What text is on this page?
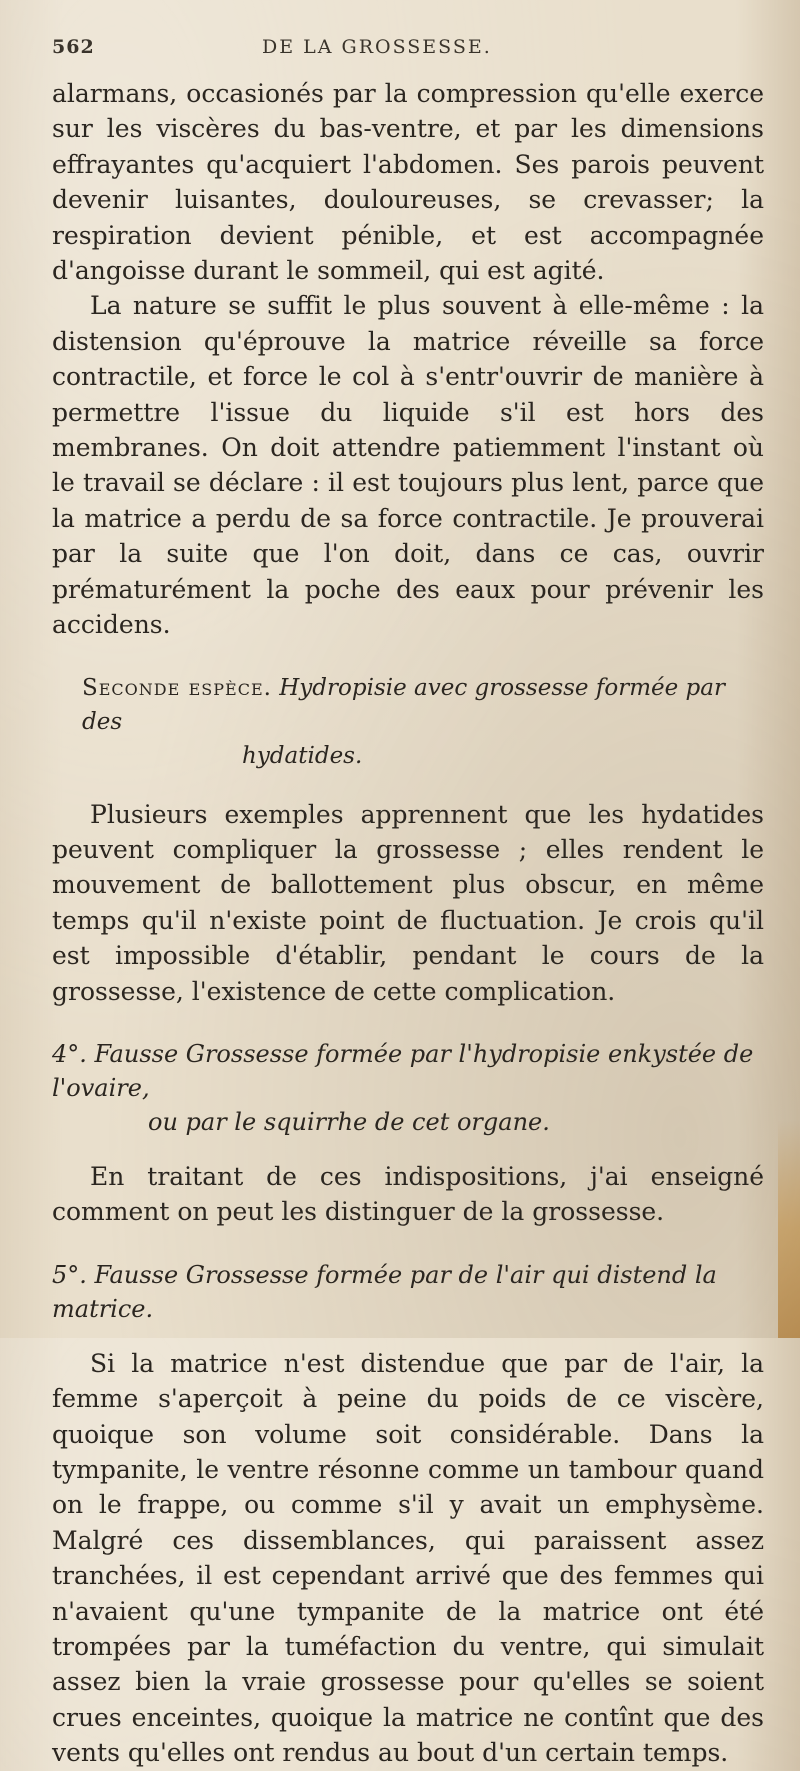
562	DE LA GROSSESSE.

alarmans, occasionés par la compression qu'elle exerce sur les viscères du bas-ventre, et par les dimensions effrayantes qu'acquiert l'abdomen. Ses parois peuvent devenir luisantes, douloureuses, se crevasser; la respiration devient pénible, et est accompagnée d'angoisse durant le sommeil, qui est agité.

La nature se suffit le plus souvent à elle-même : la distension qu'éprouve la matrice réveille sa force contractile, et force le col à s'entr'ouvrir de manière à permettre l'issue du liquide s'il est hors des membranes. On doit attendre patiemment l'instant où le travail se déclare : il est toujours plus lent, parce que la matrice a perdu de sa force contractile. Je prouverai par la suite que l'on doit, dans ce cas, ouvrir prématurément la poche des eaux pour prévenir les accidens.

Seconde espèce. Hydropisie avec grossesse formée par des
hydatides.

Plusieurs exemples apprennent que les hydatides peuvent compliquer la grossesse ; elles rendent le mouvement de ballottement plus obscur, en même temps qu'il n'existe point de fluctuation. Je crois qu'il est impossible d'établir, pendant le cours de la grossesse, l'existence de cette complication.

4°. Fausse Grossesse formée par l'hydropisie enkystée de l'ovaire,
ou par le squirrhe de cet organe.

En traitant de ces indispositions, j'ai enseigné comment on peut les distinguer de la grossesse.

5°. Fausse Grossesse formée par de l'air qui distend la matrice.

Si la matrice n'est distendue que par de l'air, la femme s'aperçoit à peine du poids de ce viscère, quoique son volume soit considérable. Dans la tympanite, le ventre résonne comme un tambour quand on le frappe, ou comme s'il y avait un emphysème. Malgré ces dissemblances, qui paraissent assez tranchées, il est cependant arrivé que des femmes qui n'avaient qu'une tympanite de la matrice ont été trompées par la tuméfaction du ventre, qui simulait assez bien la vraie grossesse pour qu'elles se soient crues enceintes, quoique la matrice ne contînt que des vents qu'elles ont rendus au bout d'un certain temps.
